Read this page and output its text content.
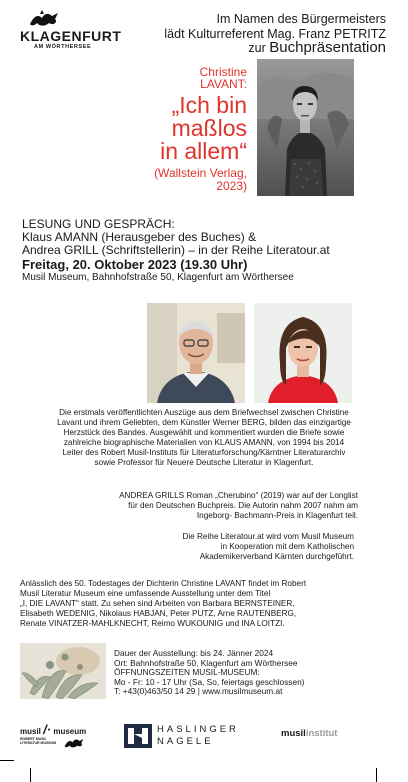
KLAGENFURT
AM WÖRTHERSEE
Im Namen des Bürgermeisters
lädt Kulturreferent Mag. Franz PETRITZ
zur Buchpräsentation
Christine
LAVANT:
„Ich bin
maßlos
in allem“
(Wallstein Verlag,
2023)
LESUNG UND GESPRÄCH:
Klaus AMANN (Herausgeber des Buches) &
Andrea GRILL (Schriftstellerin) – in der Reihe Literatour.at
Freitag, 20. Oktober 2023 (19.30 Uhr)
Musil Museum, Bahnhofstraße 50, Klagenfurt am Wörthersee
Die erstmals veröffentlichten Auszüge aus dem Briefwechsel zwischen Christine
Lavant und ihrem Geliebten, dem Künstler Werner BERG, bilden das einzigartige
Herzstück des Bandes. Ausgewählt und kommentiert wurden die Briefe sowie
zahlreiche biographische Materialien von KLAUS AMANN, von 1994 bis 2014
Leiter des Robert Musil-Instituts für Literaturforschung/Kärntner Literaturarchiv
sowie Professor für Neuere Deutsche Literatur in Klagenfurt.
ANDREA GRILLS Roman „Cherubino“ (2019) war auf der Longlist
für den Deutschen Buchpreis. Die Autorin nahm 2007 nahm am
Ingeborg- Bachmann-Preis in Klagenfurt teil.
Die Reihe Literatour.at wird vom Musil Museum
in Kooperation mit dem Katholischen
Akademikerverband Kärnten durchgeführt.
Anlässlich des 50. Todestages der Dichterin Christine LAVANT findet im Robert
Musil Literatur Museum eine umfassende Ausstellung unter dem Titel
„I, DIE LAVANT“ statt. Zu sehen sind Arbeiten von Barbara BERNSTEINER,
Elisabeth WEDENIG, Nikolaus HABJAN, Peter PUTZ, Arne RAUTENBERG,
Renate VINATZER-MAHLKNECHT, Reimo WUKOUNIG und INA LOITZI.
Dauer der Ausstellung: bis 24. Jänner 2024
Ort: Bahnhofstraße 50, Klagenfurt am Wörthersee
ÖFFNUNGSZEITEN MUSIL-MUSEUM:
Mo - Fr: 10 - 17 Uhr (Sa, So, feiertags geschlossen)
T: +43(0)463/50 14 29 | www.musilmuseum.at
musil /· museum
ROBERT MUSIL
LITERATUR MUSEUM
HASLINGER
NAGELE
musilinstitut
